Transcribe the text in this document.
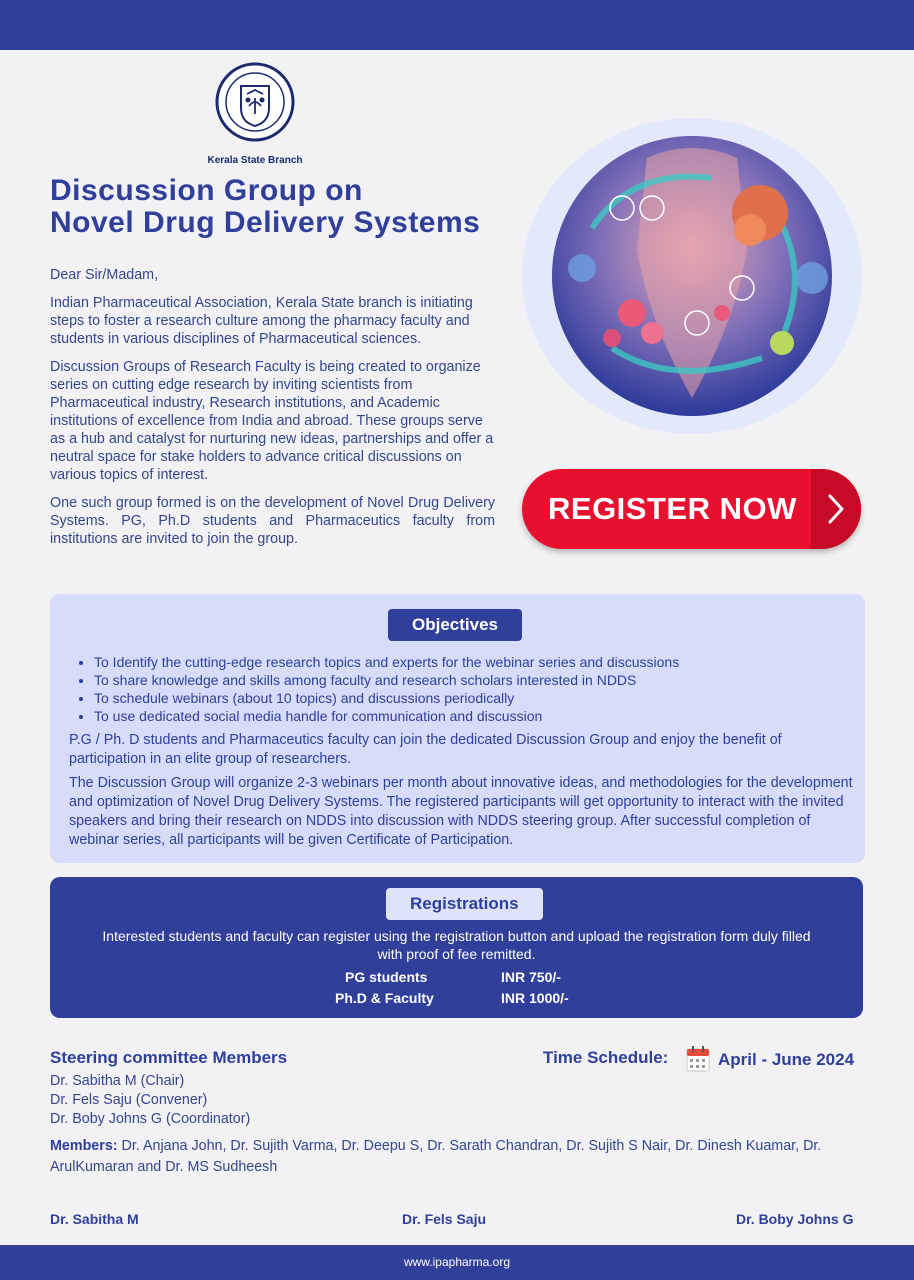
Kerala State Branch
Discussion Group on
Novel Drug Delivery Systems

Dear Sir/Madam,

Indian Pharmaceutical Association, Kerala State branch is initiating steps to foster a research culture among the pharmacy faculty and students in various disciplines of Pharmaceutical sciences.

Discussion Groups of Research Faculty is being created to organize series on cutting edge research by inviting scientists from Pharmaceutical industry, Research institutions, and Academic institutions of excellence from India and abroad. These groups serve as a hub and catalyst for nurturing new ideas, partnerships and offer a neutral space for stake holders to advance critical discussions on various topics of interest.

One such group formed is on the development of Novel Drug Delivery Systems. PG, Ph.D students and Pharmaceutics faculty from institutions are invited to join the group.

REGISTER NOW
Objectives
• To Identify the cutting-edge research topics and experts for the webinar series and discussions
• To share knowledge and skills among faculty and research scholars interested in NDDS
• To schedule webinars (about 10 topics) and discussions periodically
• To use dedicated social media handle for communication and discussion

P.G / Ph. D students and Pharmaceutics faculty can join the dedicated Discussion Group and enjoy the benefit of participation in an elite group of researchers.

The Discussion Group will organize 2-3 webinars per month about innovative ideas, and methodologies for the development and optimization of Novel Drug Delivery Systems. The registered participants will get opportunity to interact with the invited speakers and bring their research on NDDS into discussion with NDDS steering group. After successful completion of webinar series, all participants will be given Certificate of Participation.

Registrations

Interested students and faculty can register using the registration button and upload the registration form duly filled with proof of fee remitted.

PG students	INR 750/-
Ph.D & Faculty	INR 1000/-
Steering committee Members
Dr. Sabitha M (Chair)
Dr. Fels Saju (Convener)
Dr. Boby Johns G (Coordinator)
Time Schedule:	April - June 2024

Members: Dr. Anjana John, Dr. Sujith Varma, Dr. Deepu S, Dr. Sarath Chandran, Dr. Sujith S Nair, Dr. Dinesh Kuamar, Dr. ArulKumaran and Dr. MS Sudheesh

Dr. Sabitha M	Dr. Fels Saju	Dr. Boby Johns G
www.ipapharma.org
